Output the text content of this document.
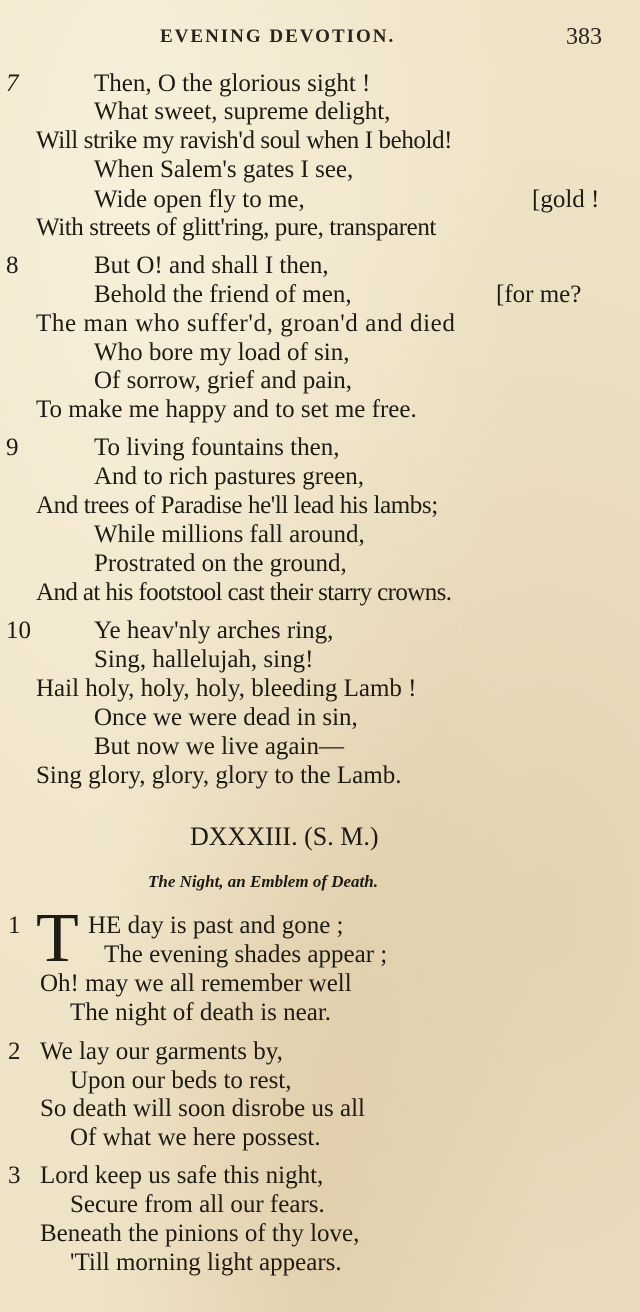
EVENING DEVOTION.	383
7	Then, O the glorious sight !
What sweet, supreme delight,
Will strike my ravish'd soul when I behold!
When Salem's gates I see,
Wide open fly to me,	[gold !
With streets of glitt'ring, pure, transparent
8	But O! and shall I then,
Behold the friend of men,	[for me?
The man who suffer'd, groan'd and died
Who bore my load of sin,
Of sorrow, grief and pain,
To make me happy and to set me free.
9	To living fountains then,
And to rich pastures green,
And trees of Paradise he'll lead his lambs;
While millions fall around,
Prostrated on the ground,
And at his footstool cast their starry crowns.
10	Ye heav'nly arches ring,
Sing, hallelujah, sing!
Hail holy, holy, holy, bleeding Lamb !
Once we were dead in sin,
But now we live again—
Sing glory, glory, glory to the Lamb.
DXXXIII. (S. M.)
The Night, an Emblem of Death.
1 T HE day is past and gone ;
The evening shades appear ;
Oh! may we all remember well
The night of death is near.
2 We lay our garments by,
Upon our beds to rest,
So death will soon disrobe us all
Of what we here possest.
3 Lord keep us safe this night,
Secure from all our fears.
Beneath the pinions of thy love,
'Till morning light appears.
